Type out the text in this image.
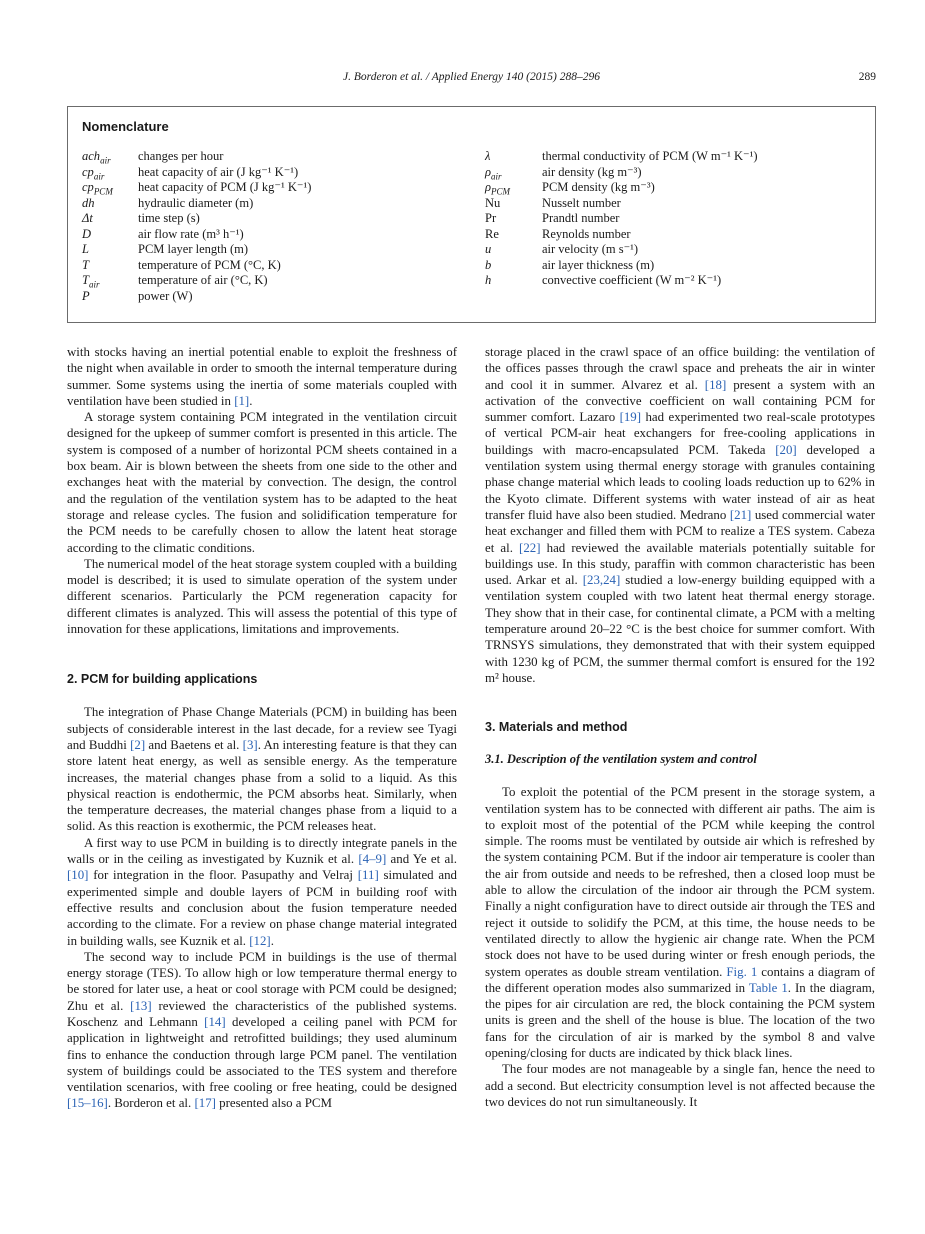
J. Borderon et al. / Applied Energy 140 (2015) 288–296	289
Nomenclature
ach$_{air}$	changes per hour
$cp_{air}$	heat capacity of air (J kg⁻¹ K⁻¹)
$cp_{PCM}$	heat capacity of PCM (J kg⁻¹ K⁻¹)
dh	hydraulic diameter (m)
Δt	time step (s)
D	air flow rate (m³ h⁻¹)
L	PCM layer length (m)
T	temperature of PCM (°C, K)
$T_{air}$	temperature of air (°C, K)
P	power (W)
λ	thermal conductivity of PCM (W m⁻¹ K⁻¹)
$\rho_{air}$	air density (kg m⁻³)
$\rho_{PCM}$	PCM density (kg m⁻³)
Nu	Nusselt number
Pr	Prandtl number
Re	Reynolds number
u	air velocity (m s⁻¹)
b	air layer thickness (m)
h	convective coefficient (W m⁻² K⁻¹)

with stocks having an inertial potential enable to exploit the freshness of the night when available in order to smooth the internal temperature during summer. Some systems using the inertia of some materials coupled with ventilation have been studied in [1].

A storage system containing PCM integrated in the ventilation circuit designed for the upkeep of summer comfort is presented in this article. The system is composed of a number of horizontal PCM sheets contained in a box beam. Air is blown between the sheets from one side to the other and exchanges heat with the material by convection. The design, the control and the regulation of the ventilation system has to be adapted to the heat storage and release cycles. The fusion and solidification temperature for the PCM needs to be carefully chosen to allow the latent heat storage according to the climatic conditions.

The numerical model of the heat storage system coupled with a building model is described; it is used to simulate operation of the system under different scenarios. Particularly the PCM regeneration capacity for different climates is analyzed. This will assess the potential of this type of innovation for these applications, limitations and improvements.

2. PCM for building applications

The integration of Phase Change Materials (PCM) in building has been subjects of considerable interest in the last decade, for a review see Tyagi and Buddhi [2] and Baetens et al. [3]. An interesting feature is that they can store latent heat energy, as well as sensible energy. As the temperature increases, the material changes phase from a solid to a liquid. As this physical reaction is endothermic, the PCM absorbs heat. Similarly, when the temperature decreases, the material changes phase from a liquid to a solid. As this reaction is exothermic, the PCM releases heat.

A first way to use PCM in building is to directly integrate panels in the walls or in the ceiling as investigated by Kuznik et al. [4–9] and Ye et al. [10] for integration in the floor. Pasupathy and Velraj [11] simulated and experimented simple and double layers of PCM in building roof with effective results and conclusion about the fusion temperature needed according to the climate. For a review on phase change material integrated in building walls, see Kuznik et al. [12].

The second way to include PCM in buildings is the use of thermal energy storage (TES). To allow high or low temperature thermal energy to be stored for later use, a heat or cool storage with PCM could be designed; Zhu et al. [13] reviewed the characteristics of the published systems. Koschenz and Lehmann [14] developed a ceiling panel with PCM for application in lightweight and retrofitted buildings; they used aluminum fins to enhance the conduction through large PCM panel. The ventilation system of buildings could be associated to the TES system and therefore ventilation scenarios, with free cooling or free heating, could be designed [15–16]. Borderon et al. [17] presented also a PCM

storage placed in the crawl space of an office building: the ventilation of the offices passes through the crawl space and preheats the air in winter and cool it in summer. Alvarez et al. [18] present a system with an activation of the convective coefficient on wall containing PCM for summer comfort. Lazaro [19] had experimented two real-scale prototypes of vertical PCM-air heat exchangers for free-cooling applications in buildings with macro-encapsulated PCM. Takeda [20] developed a ventilation system using thermal energy storage with granules containing phase change material which leads to cooling loads reduction up to 62% in the Kyoto climate. Different systems with water instead of air as heat transfer fluid have also been studied. Medrano [21] used commercial water heat exchanger and filled them with PCM to realize a TES system. Cabeza et al. [22] had reviewed the available materials potentially suitable for buildings use. In this study, paraffin with common characteristic has been used. Arkar et al. [23,24] studied a low-energy building equipped with a ventilation system coupled with two latent heat thermal energy storage. They show that in their case, for continental climate, a PCM with a melting temperature around 20–22 °C is the best choice for summer comfort. With TRNSYS simulations, they demonstrated that with their system equipped with 1230 kg of PCM, the summer thermal comfort is ensured for the 192 m² house.

3. Materials and method
3.1. Description of the ventilation system and control

To exploit the potential of the PCM present in the storage system, a ventilation system has to be connected with different air paths. The aim is to exploit most of the potential of the PCM while keeping the control simple. The rooms must be ventilated by outside air which is refreshed by the system containing PCM. But if the indoor air temperature is cooler than the air from outside and needs to be refreshed, then a closed loop must be able to allow the circulation of the indoor air through the PCM system. Finally a night configuration have to direct outside air through the TES and reject it outside to solidify the PCM, at this time, the house needs to be ventilated directly to allow the hygienic air change rate. When the PCM stock does not have to be used during winter or fresh enough periods, the system operates as double stream ventilation. Fig. 1 contains a diagram of the different operation modes also summarized in Table 1. In the diagram, the pipes for air circulation are red, the block containing the PCM system units is green and the shell of the house is blue. The location of the two fans for the circulation of air is marked by the symbol 8 and valve opening/closing for ducts are indicated by thick black lines.

The four modes are not manageable by a single fan, hence the need to add a second. But electricity consumption level is not affected because the two devices do not run simultaneously. It
